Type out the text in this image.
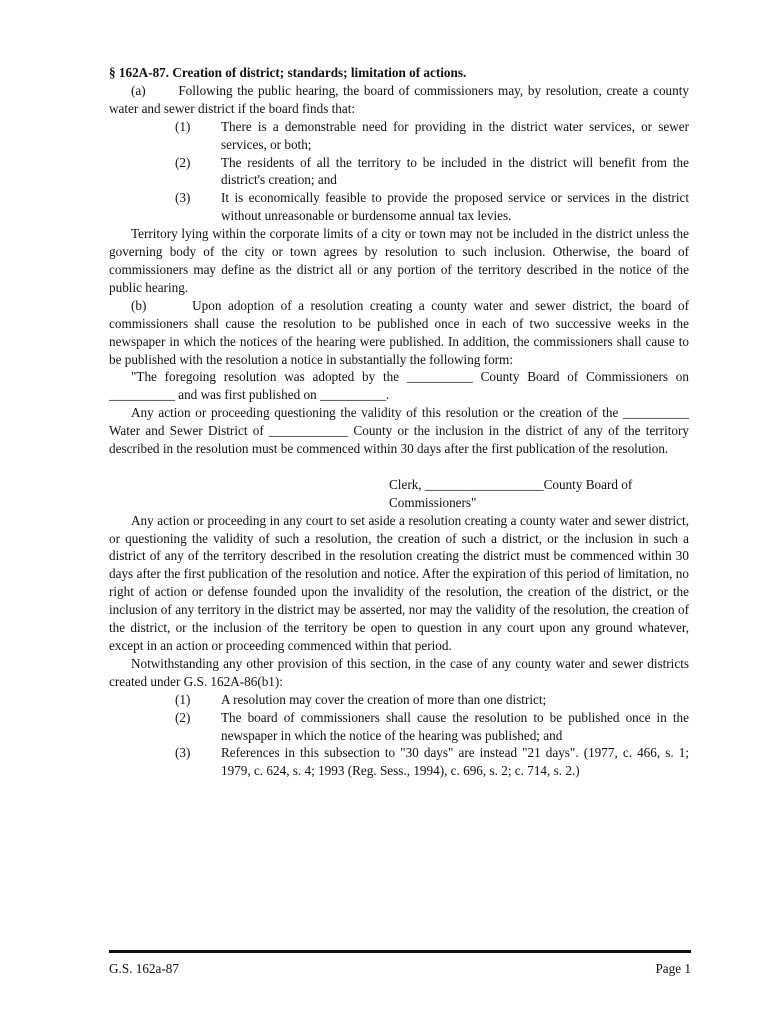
§ 162A-87. Creation of district; standards; limitation of actions.

(a)       Following the public hearing, the board of commissioners may, by resolution, create a county water and sewer district if the board finds that:

(1)	There is a demonstrable need for providing in the district water services, or sewer services, or both;
(2)	The residents of all the territory to be included in the district will benefit from the district's creation; and
(3)	It is economically feasible to provide the proposed service or services in the district without unreasonable or burdensome annual tax levies.

Territory lying within the corporate limits of a city or town may not be included in the district unless the governing body of the city or town agrees by resolution to such inclusion. Otherwise, the board of commissioners may define as the district all or any portion of the territory described in the notice of the public hearing.

(b)       Upon adoption of a resolution creating a county water and sewer district, the board of commissioners shall cause the resolution to be published once in each of two successive weeks in the newspaper in which the notices of the hearing were published. In addition, the commissioners shall cause to be published with the resolution a notice in substantially the following form:

"The foregoing resolution was adopted by the __________ County Board of Commissioners on __________ and was first published on __________.

Any action or proceeding questioning the validity of this resolution or the creation of the __________ Water and Sewer District of ____________ County or the inclusion in the district of any of the territory described in the resolution must be commenced within 30 days after the first publication of the resolution.

Clerk, __________________County Board of

Commissioners"

Any action or proceeding in any court to set aside a resolution creating a county water and sewer district, or questioning the validity of such a resolution, the creation of such a district, or the inclusion in such a district of any of the territory described in the resolution creating the district must be commenced within 30 days after the first publication of the resolution and notice. After the expiration of this period of limitation, no right of action or defense founded upon the invalidity of the resolution, the creation of the district, or the inclusion of any territory in the district may be asserted, nor may the validity of the resolution, the creation of the district, or the inclusion of the territory be open to question in any court upon any ground whatever, except in an action or proceeding commenced within that period.

Notwithstanding any other provision of this section, in the case of any county water and sewer districts created under G.S. 162A-86(b1):

(1)	A resolution may cover the creation of more than one district;
(2)	The board of commissioners shall cause the resolution to be published once in the newspaper in which the notice of the hearing was published; and
(3)	References in this subsection to "30 days" are instead "21 days". (1977, c. 466, s. 1; 1979, c. 624, s. 4; 1993 (Reg. Sess., 1994), c. 696, s. 2; c. 714, s. 2.)
G.S. 162a-87	Page 1
